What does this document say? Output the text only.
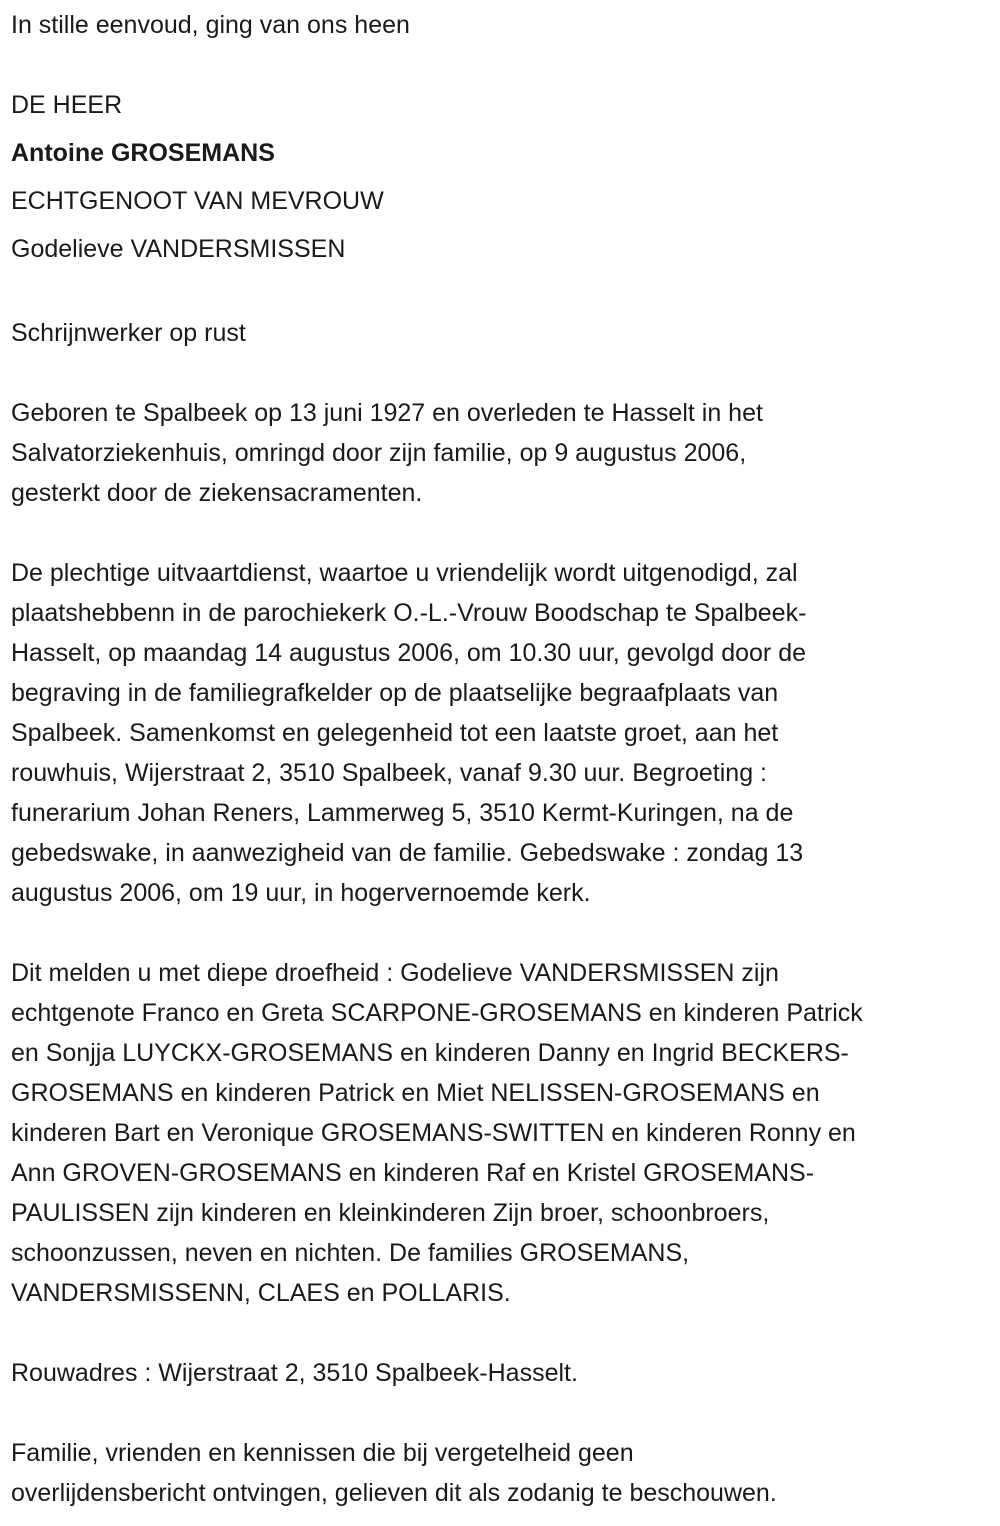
In stille eenvoud, ging van ons heen
DE HEER
Antoine GROSEMANS
ECHTGENOOT VAN MEVROUW
Godelieve VANDERSMISSEN
Schrijnwerker op rust
Geboren te Spalbeek op 13 juni 1927 en overleden te Hasselt in het
Salvatorziekenhuis, omringd door zijn familie, op 9 augustus 2006,
gesterkt door de ziekensacramenten.
De plechtige uitvaartdienst, waartoe u vriendelijk wordt uitgenodigd, zal
plaatshebbenn in de parochiekerk O.-L.-Vrouw Boodschap te Spalbeek-
Hasselt, op maandag 14 augustus 2006, om 10.30 uur, gevolgd door de
begraving in de familiegrafkelder op de plaatselijke begraafplaats van
Spalbeek. Samenkomst en gelegenheid tot een laatste groet, aan het
rouwhuis, Wijerstraat 2, 3510 Spalbeek, vanaf 9.30 uur. Begroeting :
funerarium Johan Reners, Lammerweg 5, 3510 Kermt-Kuringen, na de
gebedswake, in aanwezigheid van de familie. Gebedswake : zondag 13
augustus 2006, om 19 uur, in hogervernoemde kerk.
Dit melden u met diepe droefheid : Godelieve VANDERSMISSEN zijn
echtgenote Franco en Greta SCARPONE-GROSEMANS en kinderen Patrick
en Sonjja LUYCKX-GROSEMANS en kinderen Danny en Ingrid BECKERS-
GROSEMANS en kinderen Patrick en Miet NELISSEN-GROSEMANS en
kinderen Bart en Veronique GROSEMANS-SWITTEN en kinderen Ronny en
Ann GROVEN-GROSEMANS en kinderen Raf en Kristel GROSEMANS-
PAULISSEN zijn kinderen en kleinkinderen Zijn broer, schoonbroers,
schoonzussen, neven en nichten. De families GROSEMANS,
VANDERSMISSENN, CLAES en POLLARIS.
Rouwadres : Wijerstraat 2, 3510 Spalbeek-Hasselt.
Familie, vrienden en kennissen die bij vergetelheid geen
overlijdensbericht ontvingen, gelieven dit als zodanig te beschouwen.
